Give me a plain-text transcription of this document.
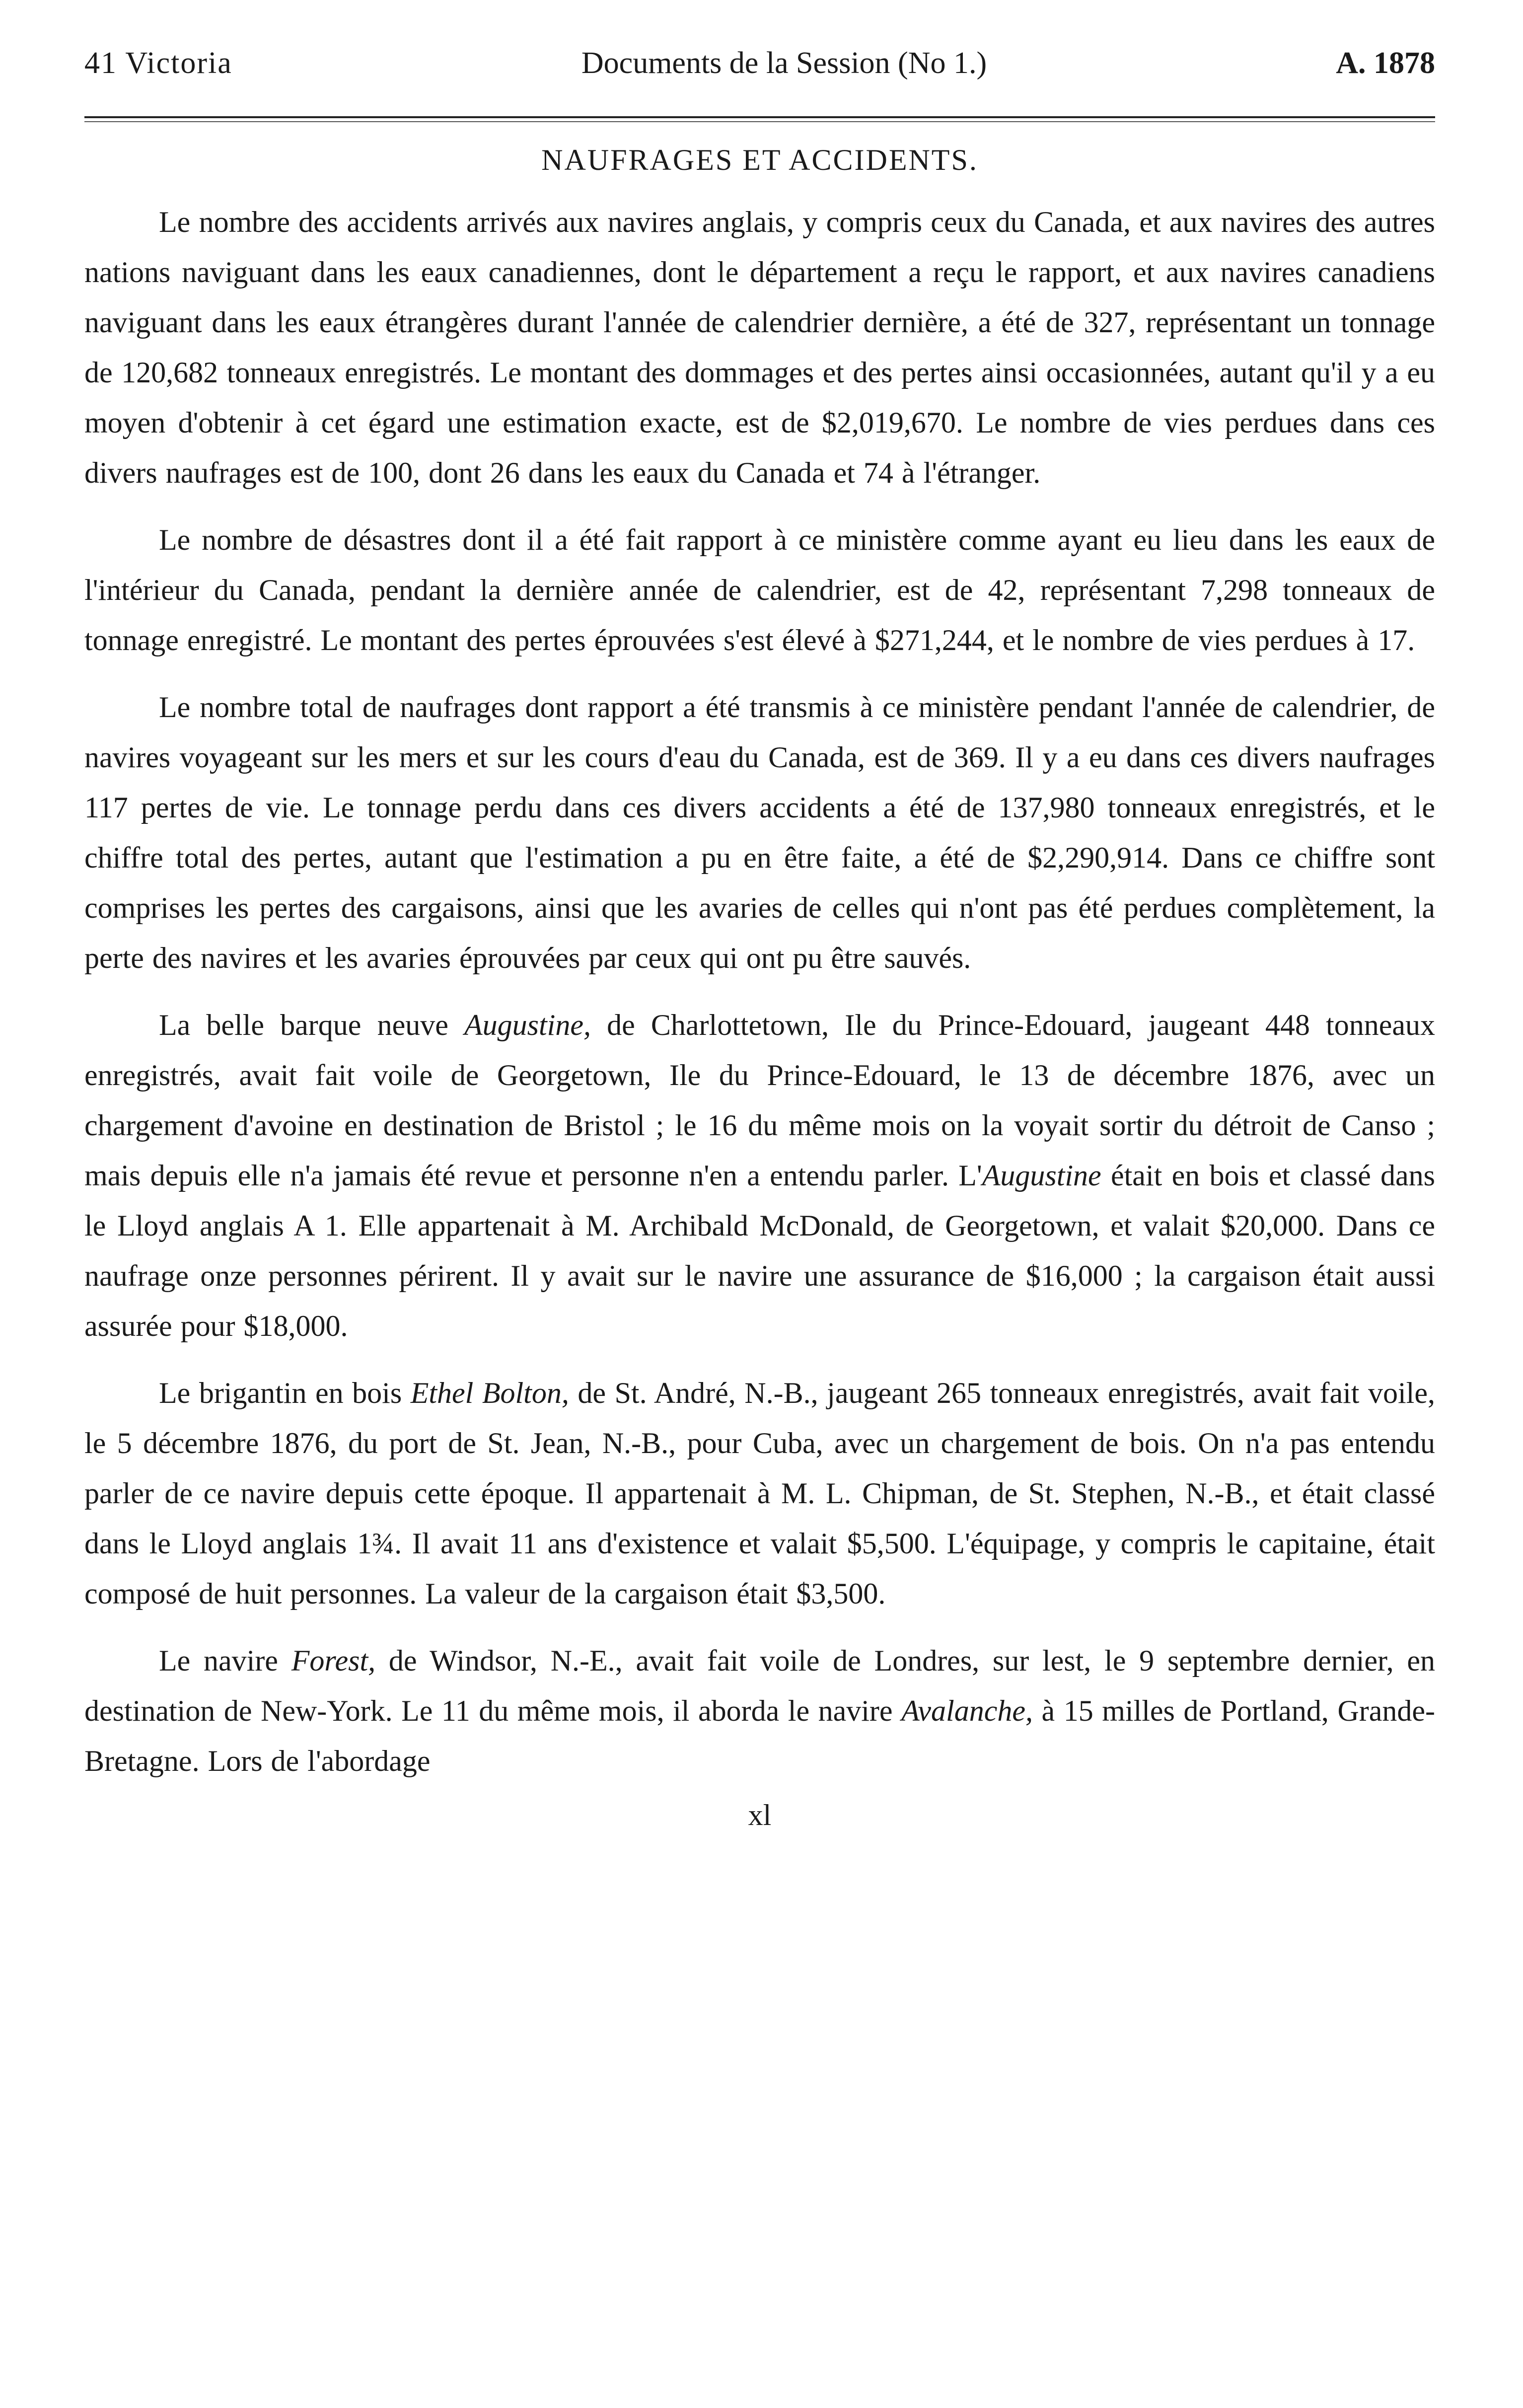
41 Victoria	Documents de la Session (No 1.)	A. 1878
NAUFRAGES ET ACCIDENTS.

Le nombre des accidents arrivés aux navires anglais, y compris ceux du Canada, et aux navires des autres nations naviguant dans les eaux canadiennes, dont le département a reçu le rapport, et aux navires canadiens naviguant dans les eaux étrangères durant l'année de calendrier dernière, a été de 327, représentant un tonnage de 120,682 tonneaux enregistrés. Le montant des dommages et des pertes ainsi occasionnées, autant qu'il y a eu moyen d'obtenir à cet égard une estimation exacte, est de $2,019,670. Le nombre de vies perdues dans ces divers naufrages est de 100, dont 26 dans les eaux du Canada et 74 à l'étranger.

Le nombre de désastres dont il a été fait rapport à ce ministère comme ayant eu lieu dans les eaux de l'intérieur du Canada, pendant la dernière année de calendrier, est de 42, représentant 7,298 tonneaux de tonnage enregistré. Le montant des pertes éprouvées s'est élevé à $271,244, et le nombre de vies perdues à 17.

Le nombre total de naufrages dont rapport a été transmis à ce ministère pendant l'année de calendrier, de navires voyageant sur les mers et sur les cours d'eau du Canada, est de 369. Il y a eu dans ces divers naufrages 117 pertes de vie. Le tonnage perdu dans ces divers accidents a été de 137,980 tonneaux enregistrés, et le chiffre total des pertes, autant que l'estimation a pu en être faite, a été de $2,290,914. Dans ce chiffre sont comprises les pertes des cargaisons, ainsi que les avaries de celles qui n'ont pas été perdues complètement, la perte des navires et les avaries éprouvées par ceux qui ont pu être sauvés.

La belle barque neuve Augustine, de Charlottetown, Ile du Prince-Edouard, jaugeant 448 tonneaux enregistrés, avait fait voile de Georgetown, Ile du Prince-Edouard, le 13 de décembre 1876, avec un chargement d'avoine en destination de Bristol ; le 16 du même mois on la voyait sortir du détroit de Canso ; mais depuis elle n'a jamais été revue et personne n'en a entendu parler. L'Augustine était en bois et classé dans le Lloyd anglais A 1. Elle appartenait à M. Archibald McDonald, de Georgetown, et valait $20,000. Dans ce naufrage onze personnes périrent. Il y avait sur le navire une assurance de $16,000 ; la cargaison était aussi assurée pour $18,000.

Le brigantin en bois Ethel Bolton, de St. André, N.-B., jaugeant 265 tonneaux enregistrés, avait fait voile, le 5 décembre 1876, du port de St. Jean, N.-B., pour Cuba, avec un chargement de bois. On n'a pas entendu parler de ce navire depuis cette époque. Il appartenait à M. L. Chipman, de St. Stephen, N.-B., et était classé dans le Lloyd anglais 1¾. Il avait 11 ans d'existence et valait $5,500. L'équipage, y compris le capitaine, était composé de huit personnes. La valeur de la cargaison était $3,500.

Le navire Forest, de Windsor, N.-E., avait fait voile de Londres, sur lest, le 9 septembre dernier, en destination de New-York. Le 11 du même mois, il aborda le navire Avalanche, à 15 milles de Portland, Grande-Bretagne. Lors de l'abordage

xl
